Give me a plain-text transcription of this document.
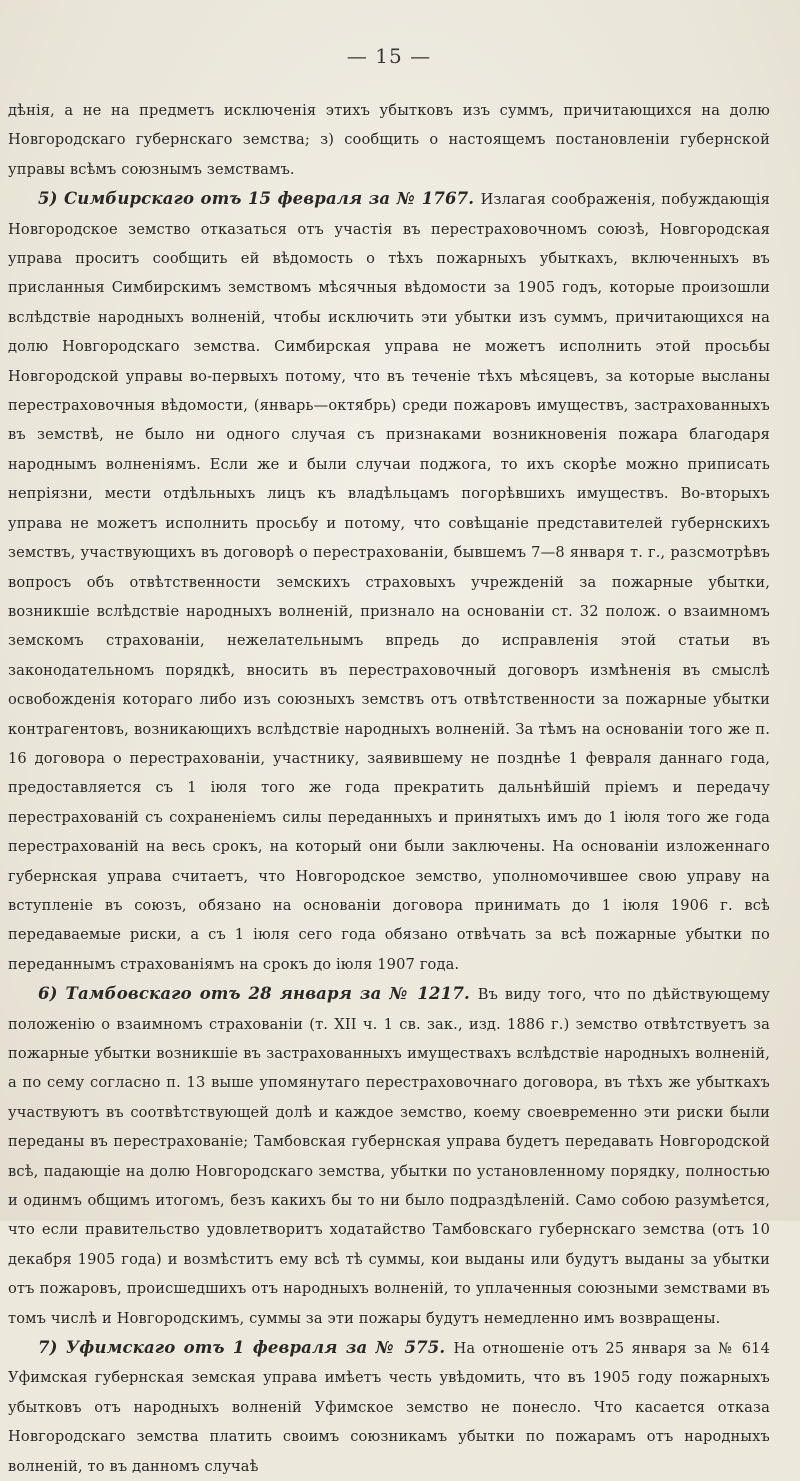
— 15 —

дѣнія, а не на предметъ исключенія этихъ убытковъ изъ суммъ, причитающихся на долю Новгородскаго губернскаго земства; з) сообщить о настоящемъ постановленіи губернской управы всѣмъ союзнымъ земствамъ.

5) Симбирскаго отъ 15 февраля за № 1767. Излагая соображенія, побуждающія Новгородское земство отказаться отъ участія въ перестраховочномъ союзѣ, Новгородская управа проситъ сообщить ей вѣдомость о тѣхъ пожарныхъ убыткахъ, включенныхъ въ присланныя Симбирскимъ земствомъ мѣсячныя вѣдомости за 1905 годъ, которые произошли вслѣдствіе народныхъ волненій, чтобы исключить эти убытки изъ суммъ, причитающихся на долю Новгородскаго земства. Симбирская управа не можетъ исполнить этой просьбы Новгородской управы во-первыхъ потому, что въ теченіе тѣхъ мѣсяцевъ, за которые высланы перестраховочныя вѣдомости, (январь—октябрь) среди пожаровъ имуществъ, застрахованныхъ въ земствѣ, не было ни одного случая съ признаками возникновенія пожара благодаря народнымъ волненіямъ. Если же и были случаи поджога, то ихъ скорѣе можно приписать непріязни, мести отдѣльныхъ лицъ къ владѣльцамъ погорѣвшихъ имуществъ. Во-вторыхъ управа не можетъ исполнить просьбу и потому, что совѣщаніе представителей губернскихъ земствъ, участвующихъ въ договорѣ о перестрахованіи, бывшемъ 7—8 января т. г., разсмотрѣвъ вопросъ объ отвѣтственности земскихъ страховыхъ учрежденій за пожарные убытки, возникшіе вслѣдствіе народныхъ волненій, признало на основаніи ст. 32 полож. о взаимномъ земскомъ страхованіи, нежелательнымъ впредь до исправленія этой статьи въ законодательномъ порядкѣ, вносить въ перестраховочный договоръ измѣненія въ смыслѣ освобожденія котораго либо изъ союзныхъ земствъ отъ отвѣтственности за пожарные убытки контрагентовъ, возникающихъ вслѣдствіе народныхъ волненій. За тѣмъ на основаніи того же п. 16 договора о перестрахованіи, участнику, заявившему не позднѣе 1 февраля даннаго года, предоставляется съ 1 іюля того же года прекратить дальнѣйшій пріемъ и передачу перестрахованій съ сохраненіемъ силы переданныхъ и принятыхъ имъ до 1 іюля того же года перестрахованій на весь срокъ, на который они были заключены. На основаніи изложеннаго губернская управа считаетъ, что Новгородское земство, уполномочившее свою управу на вступленіе въ союзъ, обязано на основаніи договора принимать до 1 іюля 1906 г. всѣ передаваемые риски, а съ 1 іюля сего года обязано отвѣчать за всѣ пожарные убытки по переданнымъ страхованіямъ на срокъ до іюля 1907 года.

6) Тамбовскаго отъ 28 января за № 1217. Въ виду того, что по дѣйствующему положенію о взаимномъ страхованіи (т. XII ч. 1 св. зак., изд. 1886 г.) земство отвѣтствуетъ за пожарные убытки возникшіе въ застрахованныхъ имуществахъ вслѣдствіе народныхъ волненій, а по сему согласно п. 13 выше упомянутаго перестраховочнаго договора, въ тѣхъ же убыткахъ участвуютъ въ соотвѣтствующей долѣ и каждое земство, коему своевременно эти риски были переданы въ перестрахованіе; Тамбовская губернская управа будетъ передавать Новгородской всѣ, падающіе на долю Новгородскаго земства, убытки по установленному порядку, полностью и одинмъ общимъ итогомъ, безъ какихъ бы то ни было подраздѣленій. Само собою разумѣется, что если правительство удовлетворитъ ходатайство Тамбовскаго губернскаго земства (отъ 10 декабря 1905 года) и возмѣститъ ему всѣ тѣ суммы, кои выданы или будутъ выданы за убытки отъ пожаровъ, происшедшихъ отъ народныхъ волненій, то уплаченныя союзными земствами въ томъ числѣ и Новгородскимъ, суммы за эти пожары будутъ немедленно имъ возвращены.

7) Уфимскаго отъ 1 февраля за № 575. На отношеніе отъ 25 января за № 614 Уфимская губернская земская управа имѣетъ честь увѣдомить, что въ 1905 году пожарныхъ убытковъ отъ народныхъ волненій Уфимское земство не понесло. Что касается отказа Новгородскаго земства платить своимъ союзникамъ убытки по пожарамъ отъ народныхъ волненій, то въ данномъ случаѣ
